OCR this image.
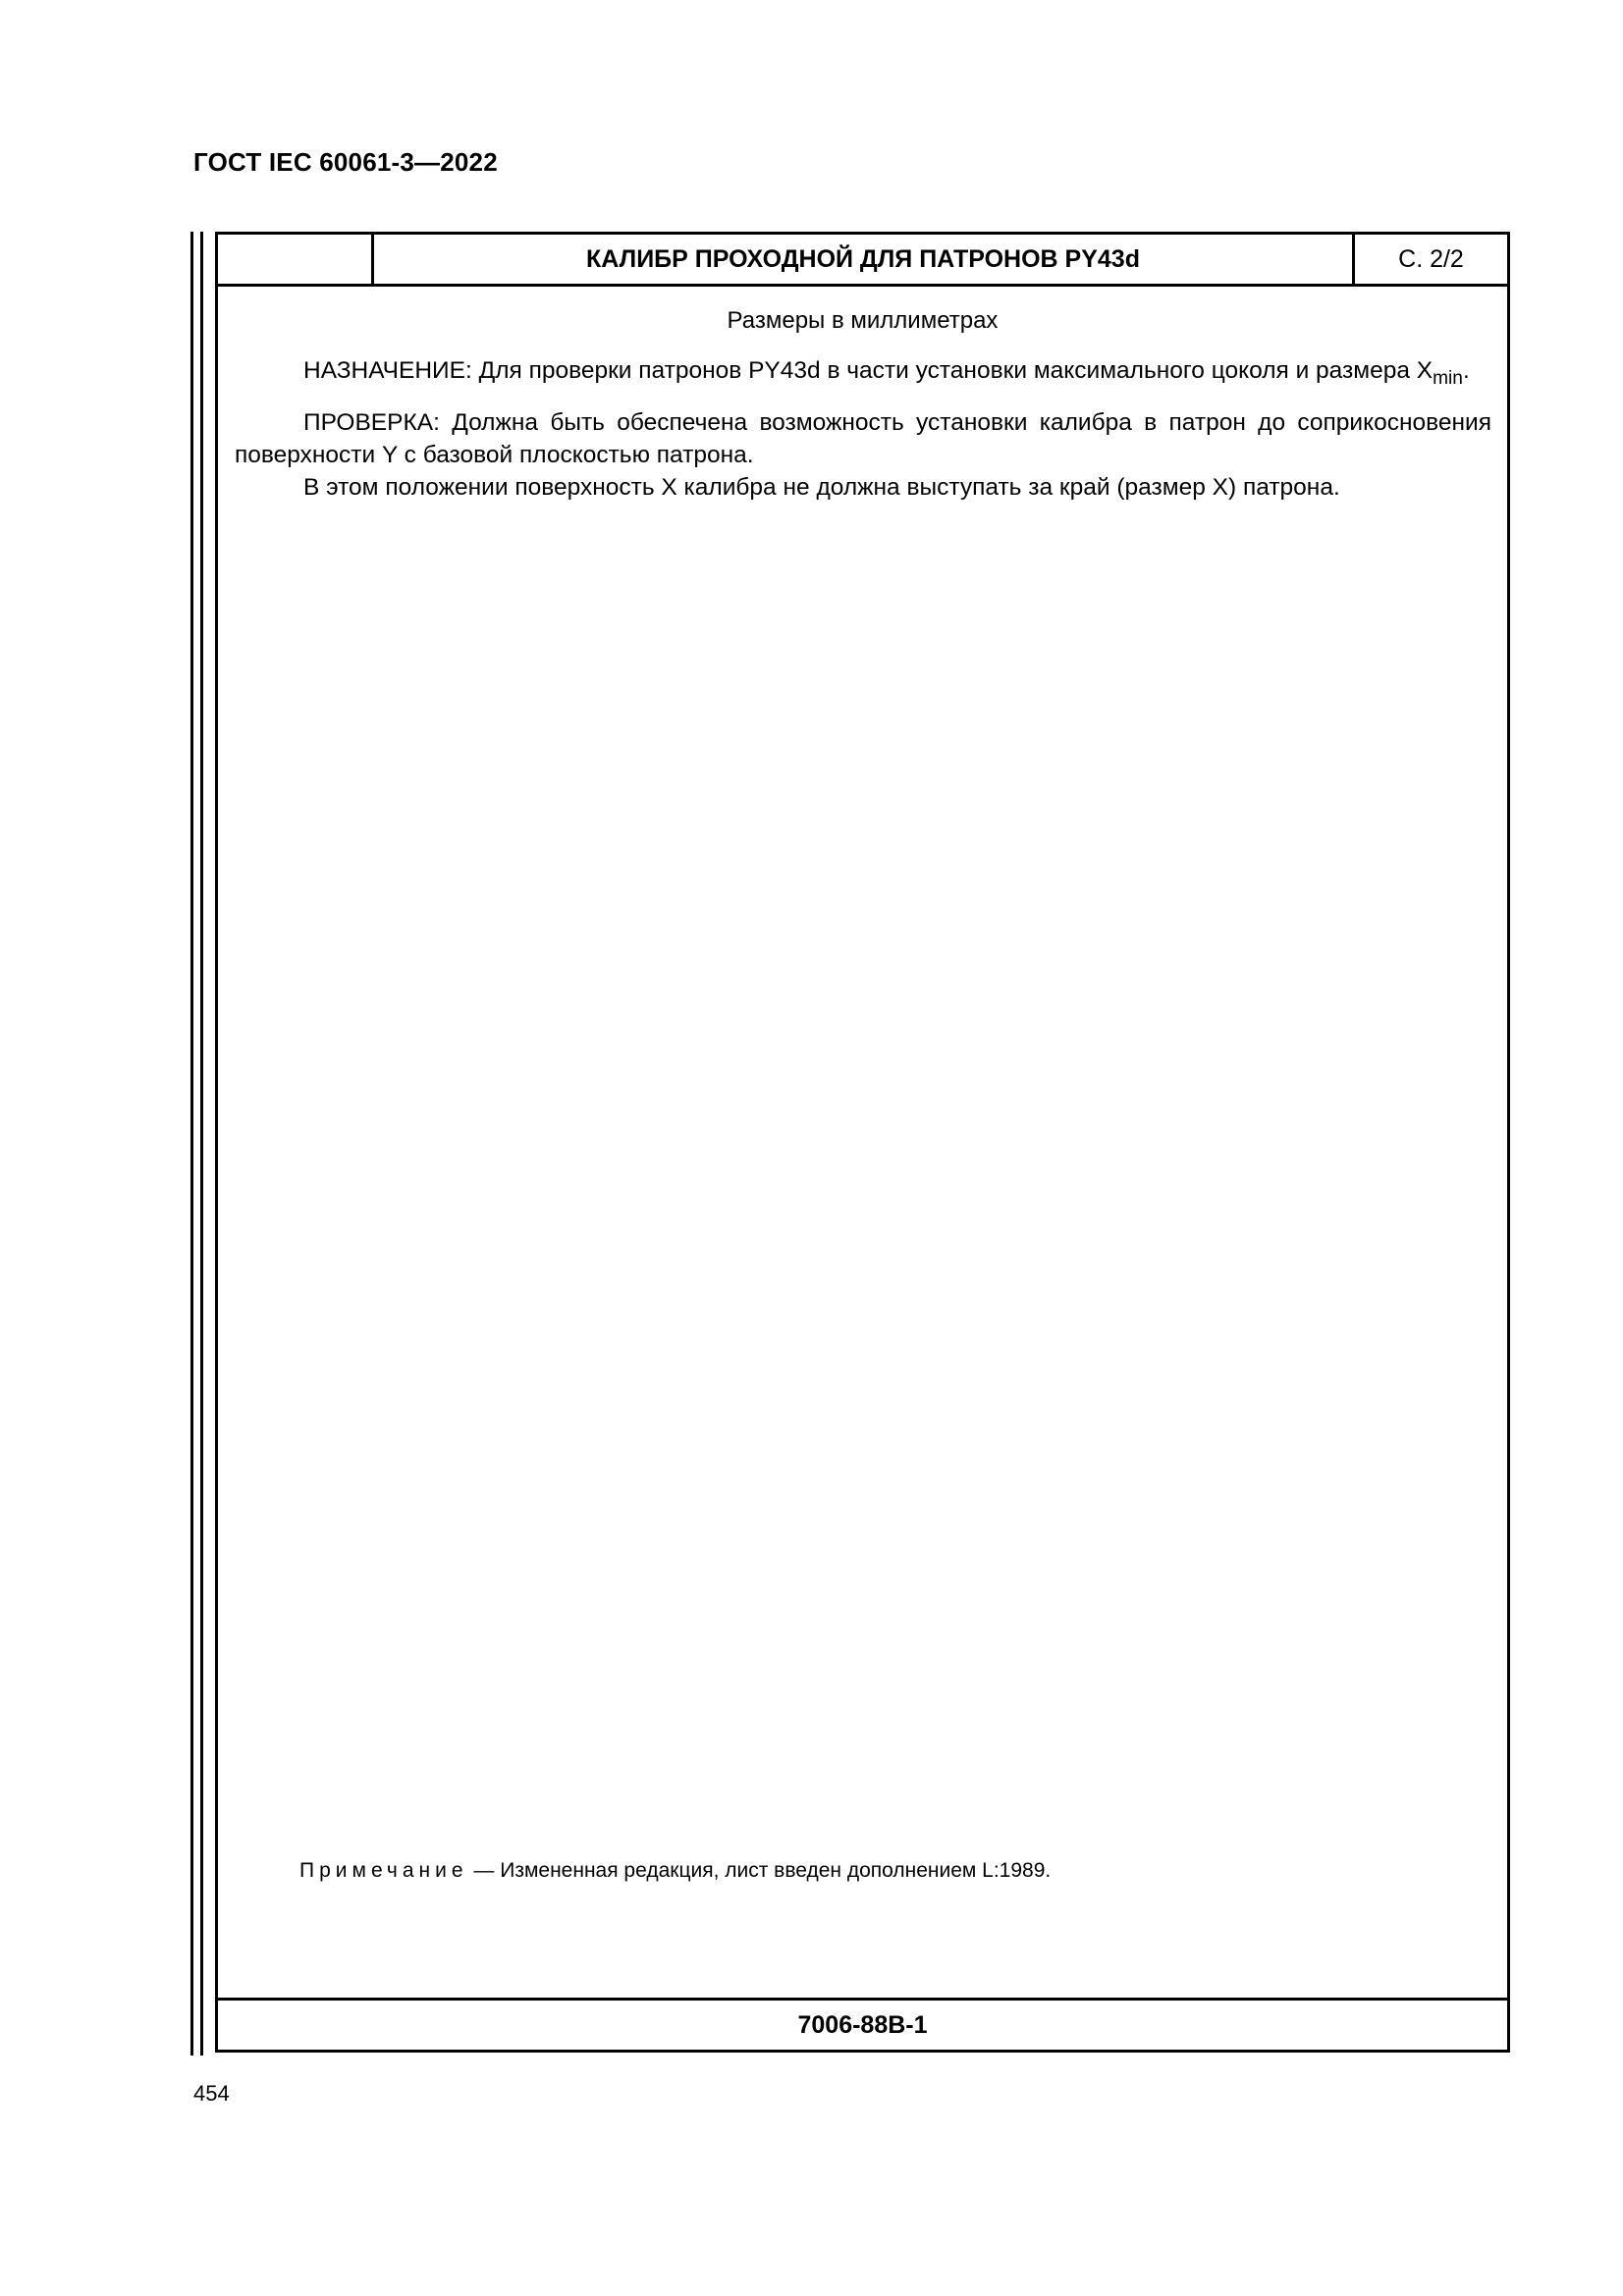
ГОСТ IEC 60061-3—2022
КАЛИБР ПРОХОДНОЙ ДЛЯ ПАТРОНОВ PY43d	С. 2/2
Размеры в миллиметрах

НАЗНАЧЕНИЕ: Для проверки патронов PY43d в части установки максимального цоколя и размера $X_{min}$.

ПРОВЕРКА: Должна быть обеспечена возможность установки калибра в патрон до соприкосновения поверхности Y с базовой плоскостью патрона.

В этом положении поверхность X калибра не должна выступать за край (размер X) патрона.

Примечание — Измененная редакция, лист введен дополнением L:1989.
7006-88B-1
454
